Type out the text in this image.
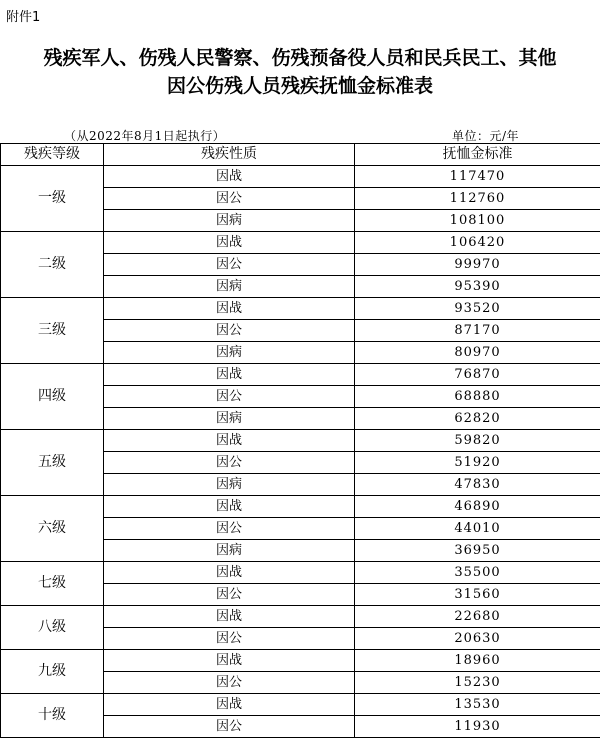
附件1
残疾军人、伤残人民警察、伤残预备役人员和民兵民工、其他
因公伤残人员残疾抚恤金标准表
（从2022年8月1日起执行）	单位：元/年
残疾等级	残疾性质	抚恤金标准
一级	因战	117470
	因公	112760
	因病	108100
二级	因战	106420
	因公	99970
	因病	95390
三级	因战	93520
	因公	87170
	因病	80970
四级	因战	76870
	因公	68880
	因病	62820
五级	因战	59820
	因公	51920
	因病	47830
六级	因战	46890
	因公	44010
	因病	36950
七级	因战	35500
	因公	31560
八级	因战	22680
	因公	20630
九级	因战	18960
	因公	15230
十级	因战	13530
	因公	11930
